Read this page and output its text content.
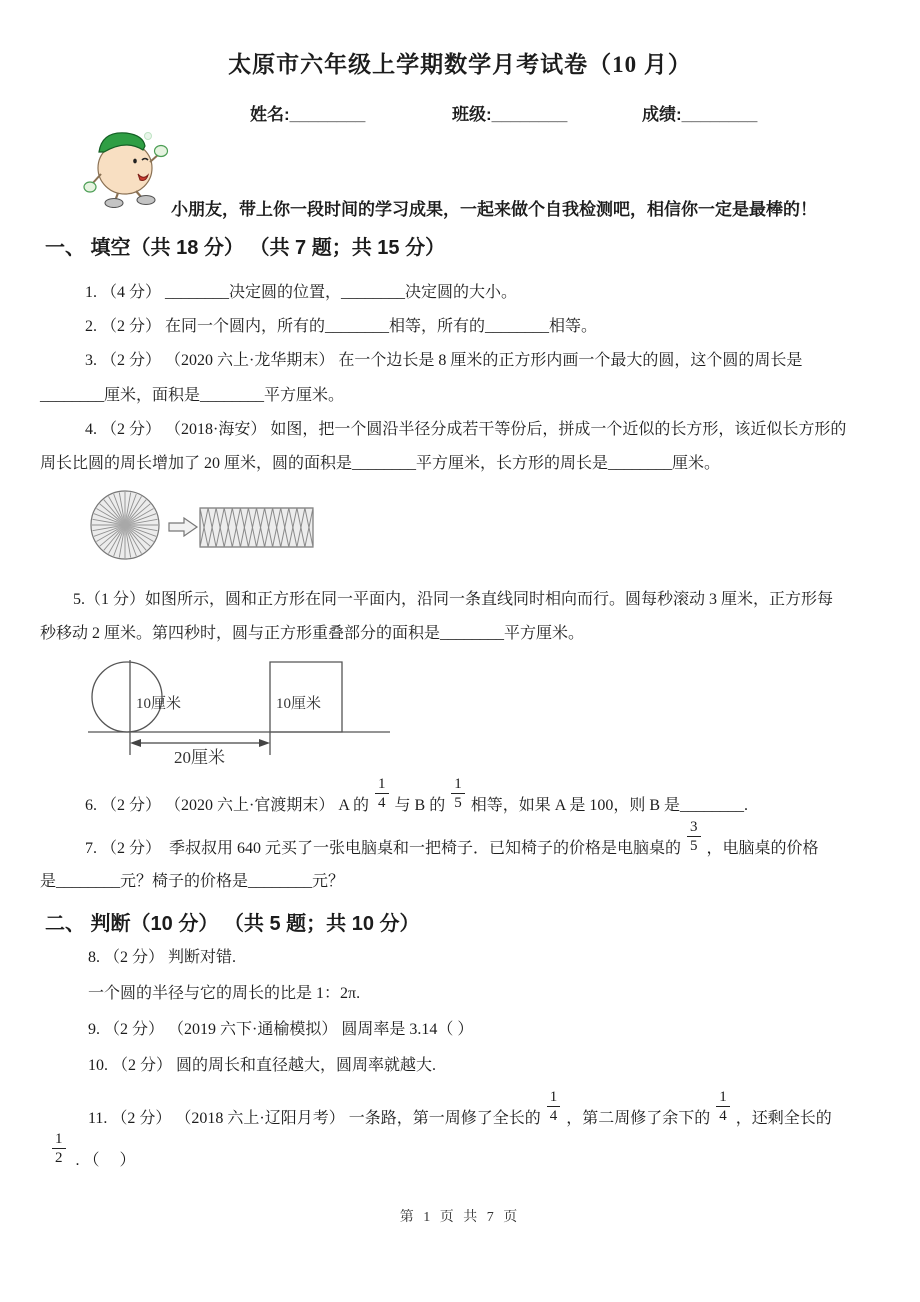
太原市六年级上学期数学月考试卷（10 月）
姓名:________	班级:________	成绩:________
小朋友，带上你一段时间的学习成果，一起来做个自我检测吧，相信你一定是最棒的！
一、 填空（共 18 分） （共 7 题；共 15 分）
1. （4 分） ________决定圆的位置，________决定圆的大小。
2. （2 分） 在同一个圆内，所有的________相等，所有的________相等。
3. （2 分） （2020 六上·龙华期末） 在一个边长是 8 厘米的正方形内画一个最大的圆，这个圆的周长是
________厘米，面积是________平方厘米。
4. （2 分） （2018·海安） 如图，把一个圆沿半径分成若干等份后，拼成一个近似的长方形，该近似长方形的
周长比圆的周长增加了 20 厘米，圆的面积是________平方厘米，长方形的周长是________厘米。
5.（1 分）如图所示，圆和正方形在同一平面内，沿同一条直线同时相向而行。圆每秒滚动 3 厘米，正方形每
秒移动 2 厘米。第四秒时，圆与正方形重叠部分的面积是________平方厘米。
10厘米	10厘米
20厘米
6. （2 分） （2020 六上·官渡期末） A 的 $\frac{1}{4}$ 与 B 的 $\frac{1}{5}$ 相等，如果 A 是 100，则 B 是________.
7. （2 分）  季叔叔用 640 元买了一张电脑桌和一把椅子．已知椅子的价格是电脑桌的 $\frac{3}{5}$ ，电脑桌的价格
是________元？椅子的价格是________元？
二、 判断（10 分） （共 5 题；共 10 分）
8. （2 分） 判断对错.
一个圆的半径与它的周长的比是 1：2π.
9. （2 分） （2019 六下·通榆模拟） 圆周率是 3.14（ ）
10. （2 分） 圆的周长和直径越大，圆周率就越大.
11. （2 分） （2018 六上·辽阳月考） 一条路，第一周修了全长的 $\frac{1}{4}$ ，第二周修了余下的 $\frac{1}{4}$ ，还剩全长的
$\frac{1}{2}$ . （     ）
第 1 页 共 7 页
